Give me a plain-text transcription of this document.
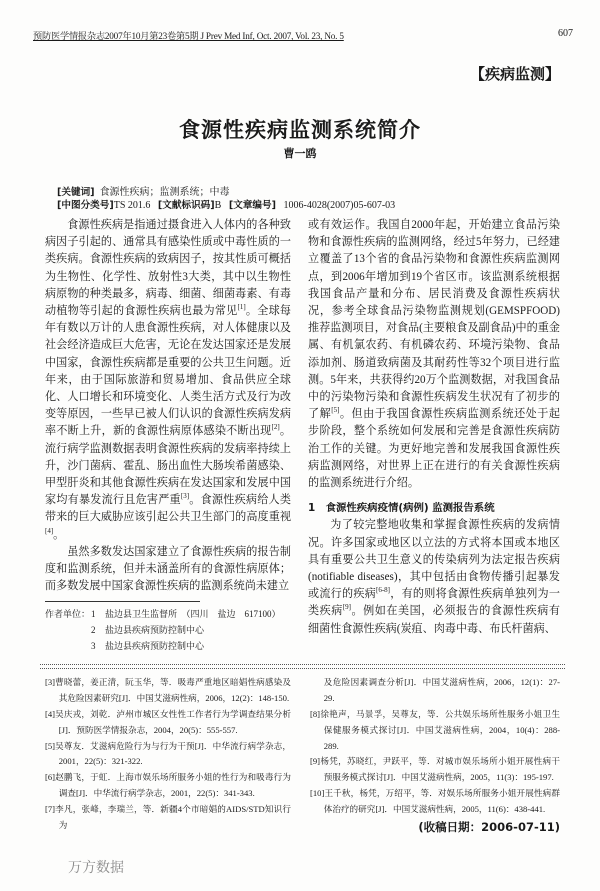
预防医学情报杂志2007年10月第23卷第5期 J Prev Med Inf, Oct. 2007, Vol. 23, No. 5	607
【疾病监测】
食源性疾病监测系统简介
曹一鸥
[关键词] 食源性疾病；监测系统；中毒
[中图分类号]TS 201.6 [文献标识码]B [文章编号] 1006-4028(2007)05-607-03

食源性疾病是指通过摄食进入人体内的各种致病因子引起的、通常具有感染性质或中毒性质的一类疾病。食源性疾病的致病因子，按其性质可概括为生物性、化学性、放射性3大类，其中以生物性病原物的种类最多，病毒、细菌、细菌毒素、有毒动植物等引起的食源性疾病也最为常见[1]。全球每年有数以万计的人患食源性疾病，对人体健康以及社会经济造成巨大危害，无论在发达国家还是发展中国家，食源性疾病都是重要的公共卫生问题。近年来，由于国际旅游和贸易增加、食品供应全球化、人口增长和环境变化、人类生活方式及行为改变等原因，一些早已被人们认识的食源性疾病发病率不断上升，新的食源性病原体感染不断出现[2]。流行病学监测数据表明食源性疾病的发病率持续上升，沙门菌病、霍乱、肠出血性大肠埃希菌感染、甲型肝炎和其他食源性疾病在发达国家和发展中国家均有暴发流行且危害严重[3]。食源性疾病给人类带来的巨大威胁应该引起公共卫生部门的高度重视[4]。

虽然多数发达国家建立了食源性疾病的报告制度和监测系统，但并未涵盖所有的食源性病原体；而多数发展中国家食源性疾病的监测系统尚未建立

作者单位： 1	盐边县卫生监督所　（四川　盐边　617100）
2	盐边县疾病预防控制中心
3	盐边县疾病预防控制中心

或有效运作。我国自2000年起，开始建立食品污染物和食源性疾病的监测网络，经过5年努力，已经建立覆盖了13个省的食品污染物和食源性疾病监测网点，到2006年增加到19个省区市。该监测系统根据我国食品产量和分布、居民消费及食源性疾病状况，参考全球食品污染物监测规划(GEMSPFOOD)推荐监测项目，对食品(主要粮食及副食品)中的重金属、有机氯农药、有机磷农药、环境污染物、食品添加剂、肠道致病菌及其耐药性等32个项目进行监测。5年来，共获得约20万个监测数据，对我国食品中的污染物污染和食源性疾病发生状况有了初步的了解[5]。但由于我国食源性疾病监测系统还处于起步阶段，整个系统如何发展和完善是食源性疾病防治工作的关键。为更好地完善和发展我国食源性疾病监测网络，对世界上正在进行的有关食源性疾病的监测系统进行介绍。

1　食源性疾病疫情(病例) 监测报告系统

为了较完整地收集和掌握食源性疾病的发病情况。许多国家或地区以立法的方式将本国或本地区具有重要公共卫生意义的传染病列为法定报告疾病(notifiable diseases)，其中包括由食物传播引起暴发或流行的疾病[6-8]，有的则将食源性疾病单独列为一类疾病[9]。例如在美国，必须报告的食源性疾病有细菌性食源性疾病(炭疽、肉毒中毒、布氏杆菌病、

[3]曹晓蕾，姜正清，阮玉华，等．吸毒严重地区暗娼性病感染及其危险因素研究[J]．中国艾滋病性病，2006，12(2)：148-150.
[4]吴庆戎，刘乾．泸州市城区女性性工作者行为学调查结果分析[J]．预防医学情报杂志，2004，20(5)：555-557.
[5]吴尊友．艾滋病危险行为与行为干预[J]．中华流行病学杂志，2001，22(5)：321-322.
[6]赵鹏飞，于虹．上海市娱乐场所服务小姐的性行为和吸毒行为调查[J]．中华流行病学杂志，2001，22(5)：341-343.
[7]李凡，张峰，李瑞兰，等．新疆4个市暗娼的AIDS/STD知识行为
及危险因素调查分析[J]．中国艾滋病性病，2006，12(1)：27-29.
[8]徐艳声，马景孚，吴尊友，等．公共娱乐场所性服务小姐卫生保健服务模式探讨[J]．中国艾滋病性病，2004，10(4)：288-289.
[9]杨凭，苏晓红，尹跃平，等．对城市娱乐场所小姐开展性病干预服务模式探讨[J]．中国艾滋病性病，2005，11(3)：195-197.
[10]王千秋，杨凭，万绍平，等．对娱乐场所服务小姐开展性病群体治疗的研究[J]．中国艾滋病性病，2005，11(6)：438-441.
(收稿日期：2006-07-11)
万方数据
